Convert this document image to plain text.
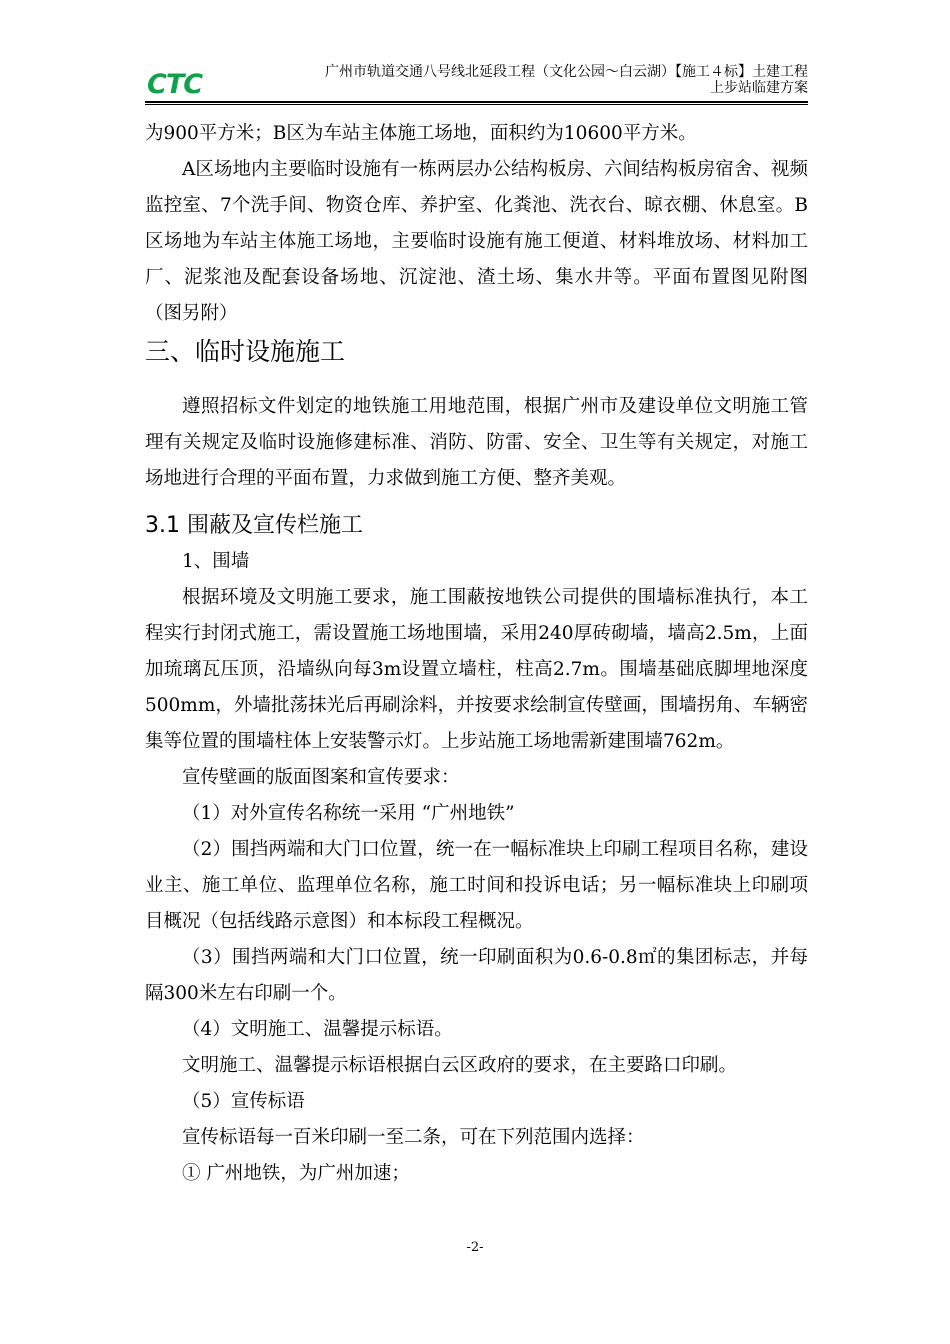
CTC	广州市轨道交通八号线北延段工程（文化公园～白云湖）【施工４标】土建工程
上步站临建方案

为900平方米；B区为车站主体施工场地，面积约为10600平方米。

A区场地内主要临时设施有一栋两层办公结构板房、六间结构板房宿舍、视频监控室、7个洗手间、物资仓库、养护室、化粪池、洗衣台、晾衣棚、休息室。B区场地为车站主体施工场地，主要临时设施有施工便道、材料堆放场、材料加工厂、泥浆池及配套设备场地、沉淀池、渣土场、集水井等。平面布置图见附图（图另附）

三、临时设施施工

遵照招标文件划定的地铁施工用地范围，根据广州市及建设单位文明施工管理有关规定及临时设施修建标准、消防、防雷、安全、卫生等有关规定，对施工场地进行合理的平面布置，力求做到施工方便、整齐美观。

3.1 围蔽及宣传栏施工

1、围墙

根据环境及文明施工要求，施工围蔽按地铁公司提供的围墙标准执行，本工程实行封闭式施工，需设置施工场地围墙，采用240厚砖砌墙，墙高2.5m，上面加琉璃瓦压顶，沿墙纵向每3m设置立墙柱，柱高2.7m。围墙基础底脚埋地深度500mm，外墙批荡抹光后再刷涂料，并按要求绘制宣传壁画，围墙拐角、车辆密集等位置的围墙柱体上安装警示灯。上步站施工场地需新建围墙762m。

宣传壁画的版面图案和宣传要求：

（1）对外宣传名称统一采用 “广州地铁”

（2）围挡两端和大门口位置，统一在一幅标准块上印刷工程项目名称，建设业主、施工单位、监理单位名称，施工时间和投诉电话；另一幅标准块上印刷项目概况（包括线路示意图）和本标段工程概况。

（3）围挡两端和大门口位置，统一印刷面积为0.6-0.8㎡的集团标志，并每隔300米左右印刷一个。

（4）文明施工、温馨提示标语。

文明施工、温馨提示标语根据白云区政府的要求，在主要路口印刷。

（5）宣传标语

宣传标语每一百米印刷一至二条，可在下列范围内选择：

① 广州地铁，为广州加速；

-2-
